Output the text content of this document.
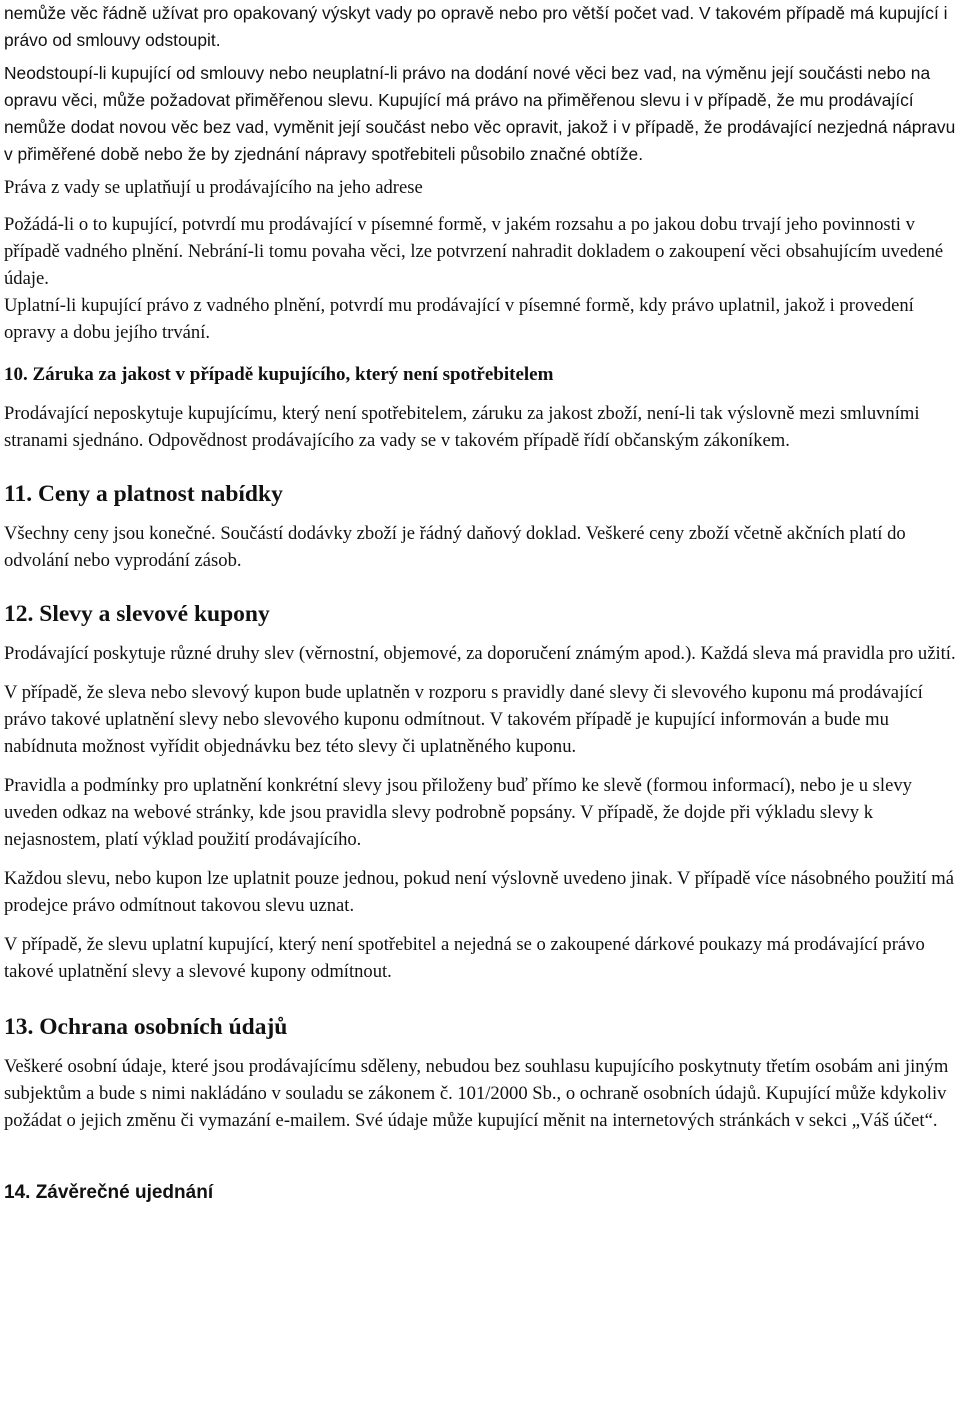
nemůže věc řádně užívat pro opakovaný výskyt vady po opravě nebo pro větší počet vad. V takovém případě má kupující i právo od smlouvy odstoupit.

Neodstoupí-li kupující od smlouvy nebo neuplatní-li právo na dodání nové věci bez vad, na výměnu její součásti nebo na opravu věci, může požadovat přiměřenou slevu. Kupující má právo na přiměřenou slevu i v případě, že mu prodávající nemůže dodat novou věc bez vad, vyměnit její součást nebo věc opravit, jakož i v případě, že prodávající nezjedná nápravu v přiměřené době nebo že by zjednání nápravy spotřebiteli působilo značné obtíže.

Práva z vady se uplatňují u prodávajícího na jeho adrese

Požádá-li o to kupující, potvrdí mu prodávající v písemné formě, v jakém rozsahu a po jakou dobu trvají jeho povinnosti v případě vadného plnění. Nebrání-li tomu povaha věci, lze potvrzení nahradit dokladem o zakoupení věci obsahujícím uvedené údaje.

Uplatní-li kupující právo z vadného plnění, potvrdí mu prodávající v písemné formě, kdy právo uplatnil, jakož i provedení opravy a dobu jejího trvání.

10. Záruka za jakost v případě kupujícího, který není spotřebitelem

Prodávající neposkytuje kupujícímu, který není spotřebitelem, záruku za jakost zboží, není-li tak výslovně mezi smluvními stranami sjednáno. Odpovědnost prodávajícího za vady se v takovém případě řídí občanským zákoníkem.

11. Ceny a platnost nabídky

Všechny ceny jsou konečné. Součástí dodávky zboží je řádný daňový doklad. Veškeré ceny zboží včetně akčních platí do odvolání nebo vyprodání zásob.

12. Slevy a slevové kupony

Prodávající poskytuje různé druhy slev (věrnostní, objemové, za doporučení známým apod.). Každá sleva má pravidla pro užití.

V případě, že sleva nebo slevový kupon bude uplatněn v rozporu s pravidly dané slevy či slevového kuponu má prodávající právo takové uplatnění slevy nebo slevového kuponu odmítnout. V takovém případě je kupující informován a bude mu nabídnuta možnost vyřídit objednávku bez této slevy či uplatněného kuponu.

Pravidla a podmínky pro uplatnění konkrétní slevy jsou přiloženy buď přímo ke slevě (formou informací), nebo je u slevy uveden odkaz na webové stránky, kde jsou pravidla slevy podrobně popsány. V případě, že dojde při výkladu slevy k nejasnostem, platí výklad použití prodávajícího.

Každou slevu, nebo kupon lze uplatnit pouze jednou, pokud není výslovně uvedeno jinak. V případě více násobného použití má prodejce právo odmítnout takovou slevu uznat.

V případě, že slevu uplatní kupující, který není spotřebitel a nejedná se o zakoupené dárkové poukazy má prodávající právo takové uplatnění slevy a slevové kupony odmítnout.

13. Ochrana osobních údajů

Veškeré osobní údaje, které jsou prodávajícímu sděleny, nebudou bez souhlasu kupujícího poskytnuty třetím osobám ani jiným subjektům a bude s nimi nakládáno v souladu se zákonem č. 101/2000 Sb., o ochraně osobních údajů. Kupující může kdykoliv požádat o jejich změnu či vymazání e-mailem. Své údaje může kupující měnit na internetových stránkách v sekci „Váš účet“.

14. Závěrečné ujednání
